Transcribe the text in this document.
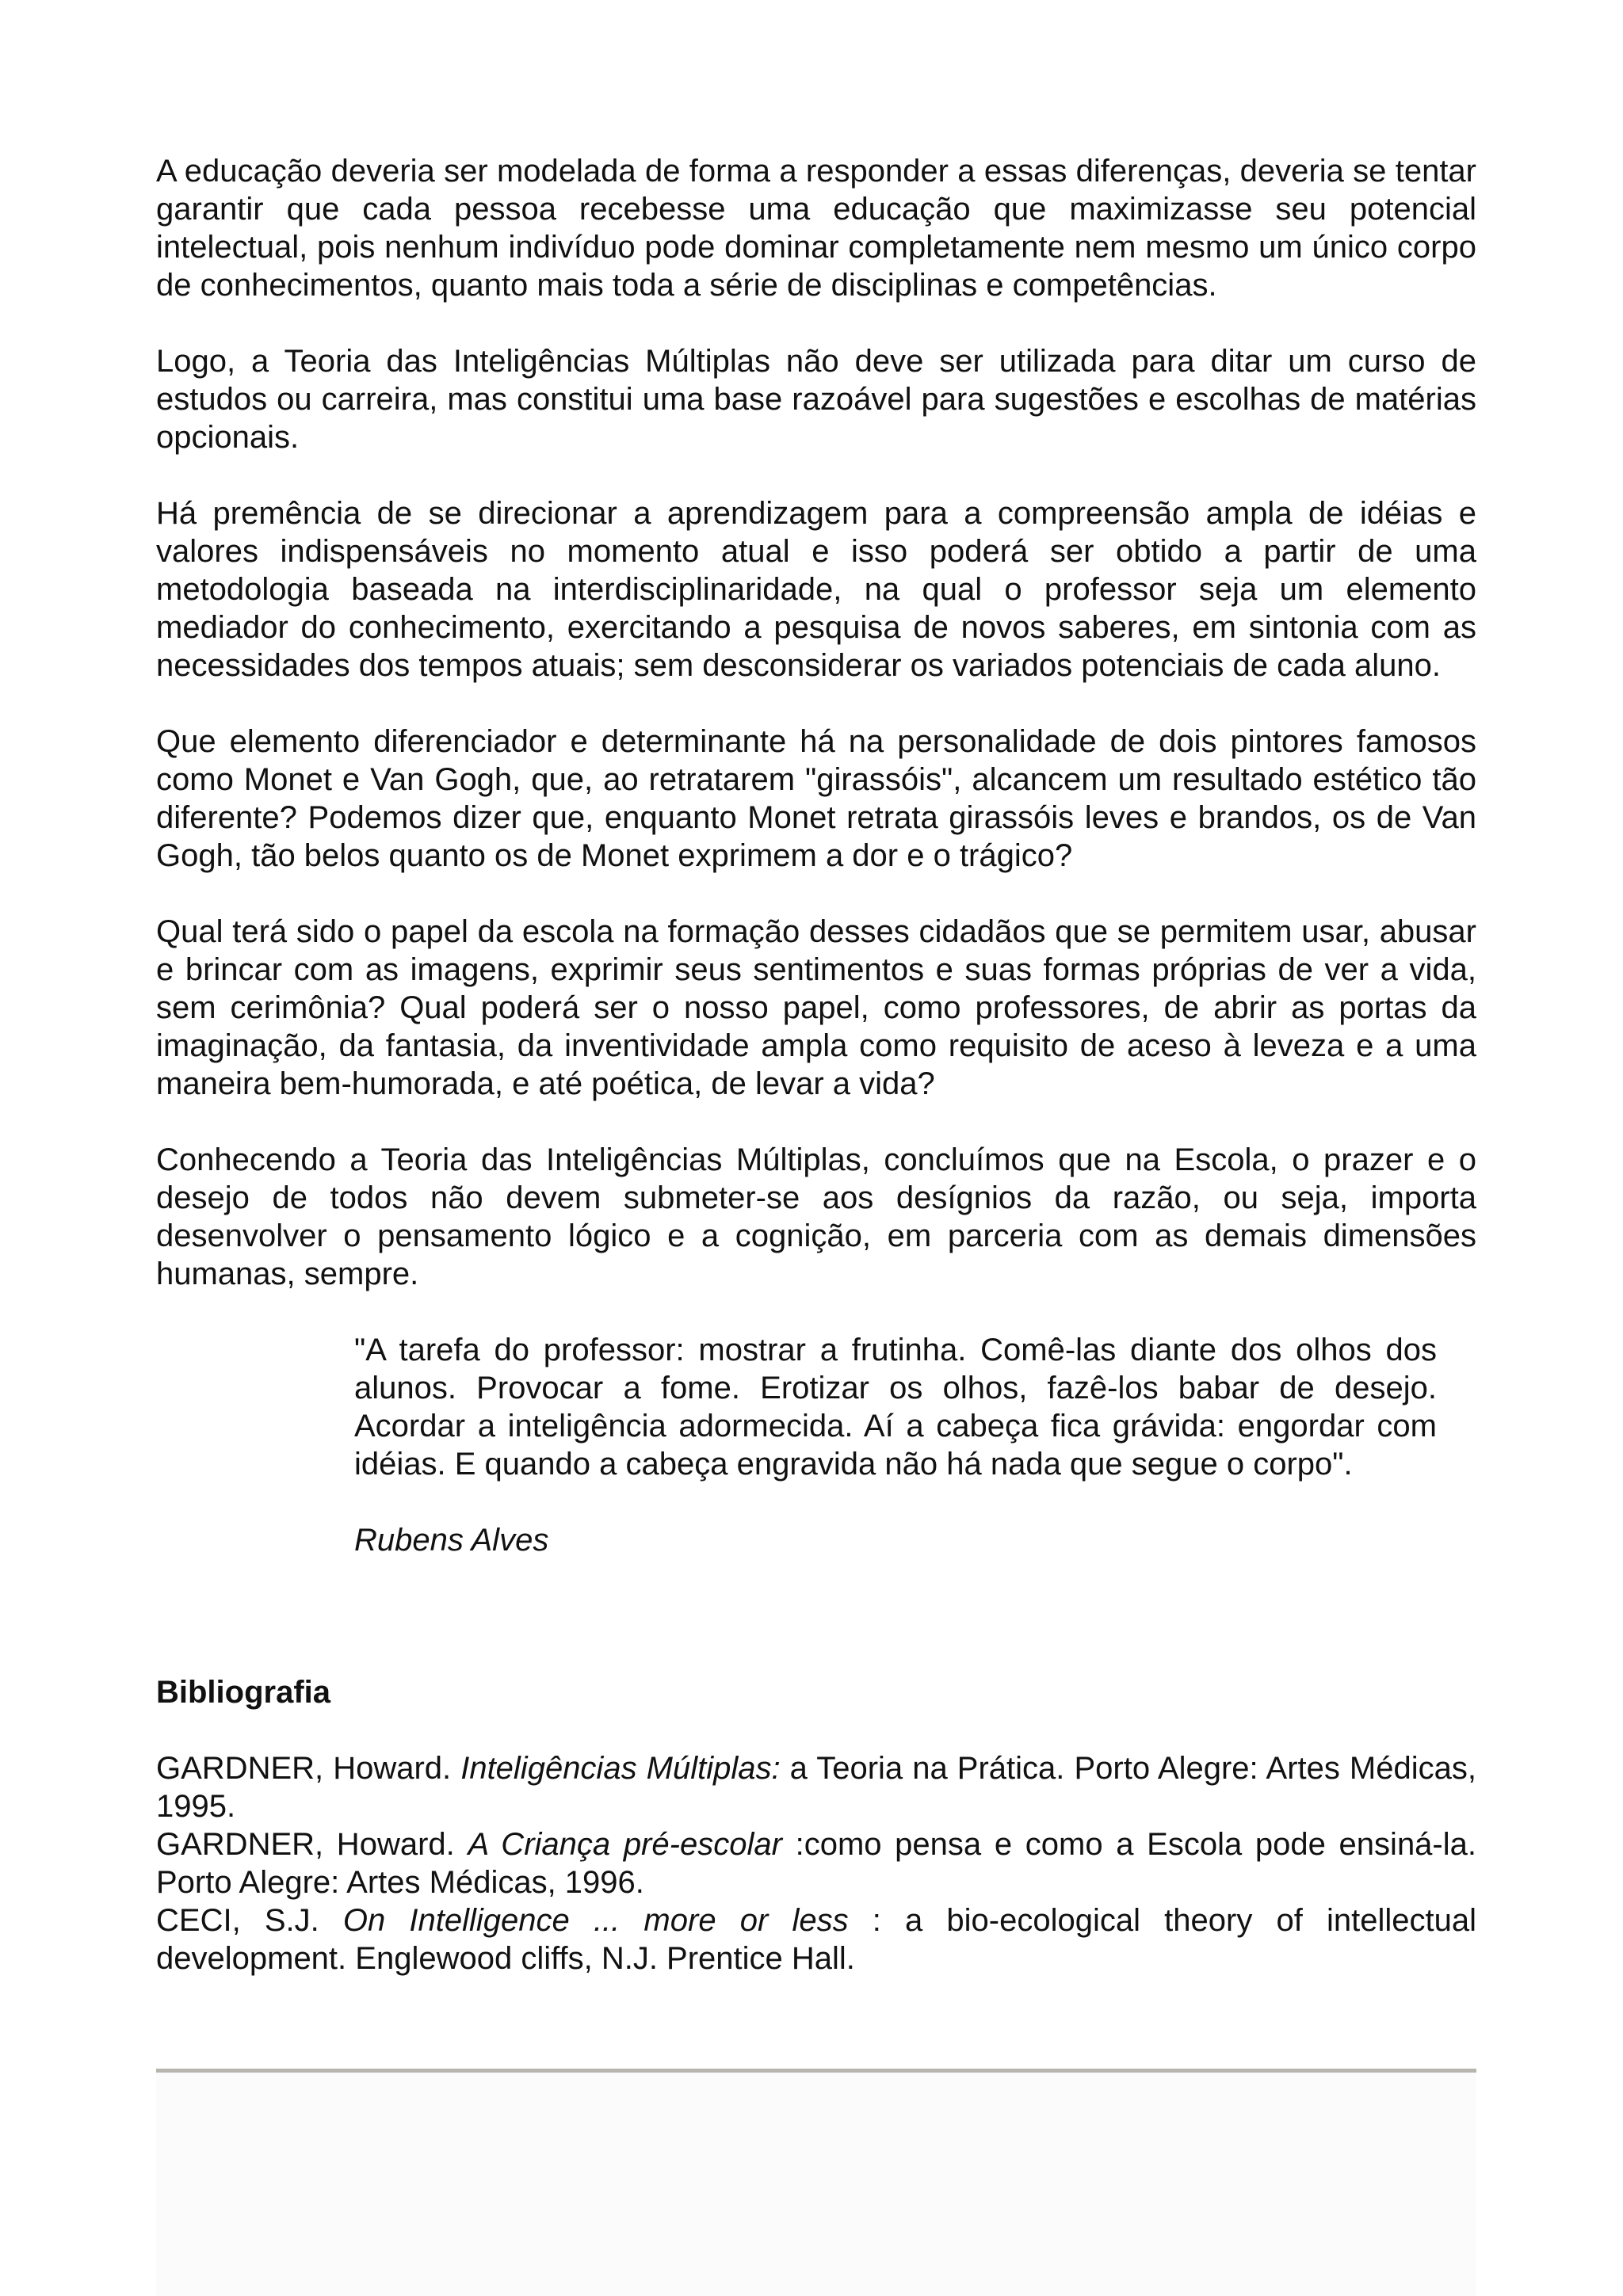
A educação deveria ser modelada de forma a responder a essas diferenças, deveria se tentar garantir que cada pessoa recebesse uma educação que maximizasse seu potencial intelectual, pois nenhum indivíduo pode dominar completamente nem mesmo um único corpo de conhecimentos, quanto mais toda a série de disciplinas e competências.

Logo, a Teoria das Inteligências Múltiplas não deve ser utilizada para ditar um curso de estudos ou carreira, mas constitui uma base razoável para sugestões e escolhas de matérias opcionais.

Há premência de se direcionar a aprendizagem para a compreensão ampla de idéias e valores indispensáveis no momento atual e isso poderá ser obtido a partir de uma metodologia baseada na interdisciplinaridade, na qual o professor seja um elemento mediador do conhecimento, exercitando a pesquisa de novos saberes, em sintonia com as necessidades dos tempos atuais; sem desconsiderar os variados potenciais de cada aluno.

Que elemento diferenciador e determinante há na personalidade de dois pintores famosos como Monet e Van Gogh, que, ao retratarem "girassóis", alcancem um resultado estético tão diferente? Podemos dizer que, enquanto Monet retrata girassóis leves e brandos, os de Van Gogh, tão belos quanto os de Monet exprimem a dor e o trágico?

Qual terá sido o papel da escola na formação desses cidadãos que se permitem usar, abusar e brincar com as imagens, exprimir seus sentimentos e suas formas próprias de ver a vida, sem cerimônia? Qual poderá ser o nosso papel, como professores, de abrir as portas da imaginação, da fantasia, da inventividade ampla como requisito de aceso à leveza e a uma maneira bem-humorada, e até poética, de levar a vida?

Conhecendo a Teoria das Inteligências Múltiplas, concluímos que na Escola, o prazer e o desejo de todos não devem submeter-se aos desígnios da razão, ou seja, importa desenvolver o pensamento lógico e a cognição, em parceria com as demais dimensões humanas, sempre.

"A tarefa do professor: mostrar a frutinha. Comê-las diante dos olhos dos alunos. Provocar a fome. Erotizar os olhos, fazê-los babar de desejo. Acordar a inteligência adormecida. Aí a cabeça fica grávida: engordar com idéias. E quando a cabeça engravida não há nada que segue o corpo".
Rubens Alves
Bibliografia

GARDNER, Howard. Inteligências Múltiplas: a Teoria na Prática. Porto Alegre: Artes Médicas, 1995.

GARDNER, Howard. A Criança pré-escolar :como pensa e como a Escola pode ensiná-la. Porto Alegre: Artes Médicas, 1996.

CECI, S.J. On Intelligence ... more or less : a bio-ecological theory of intellectual development. Englewood cliffs, N.J. Prentice Hall.
